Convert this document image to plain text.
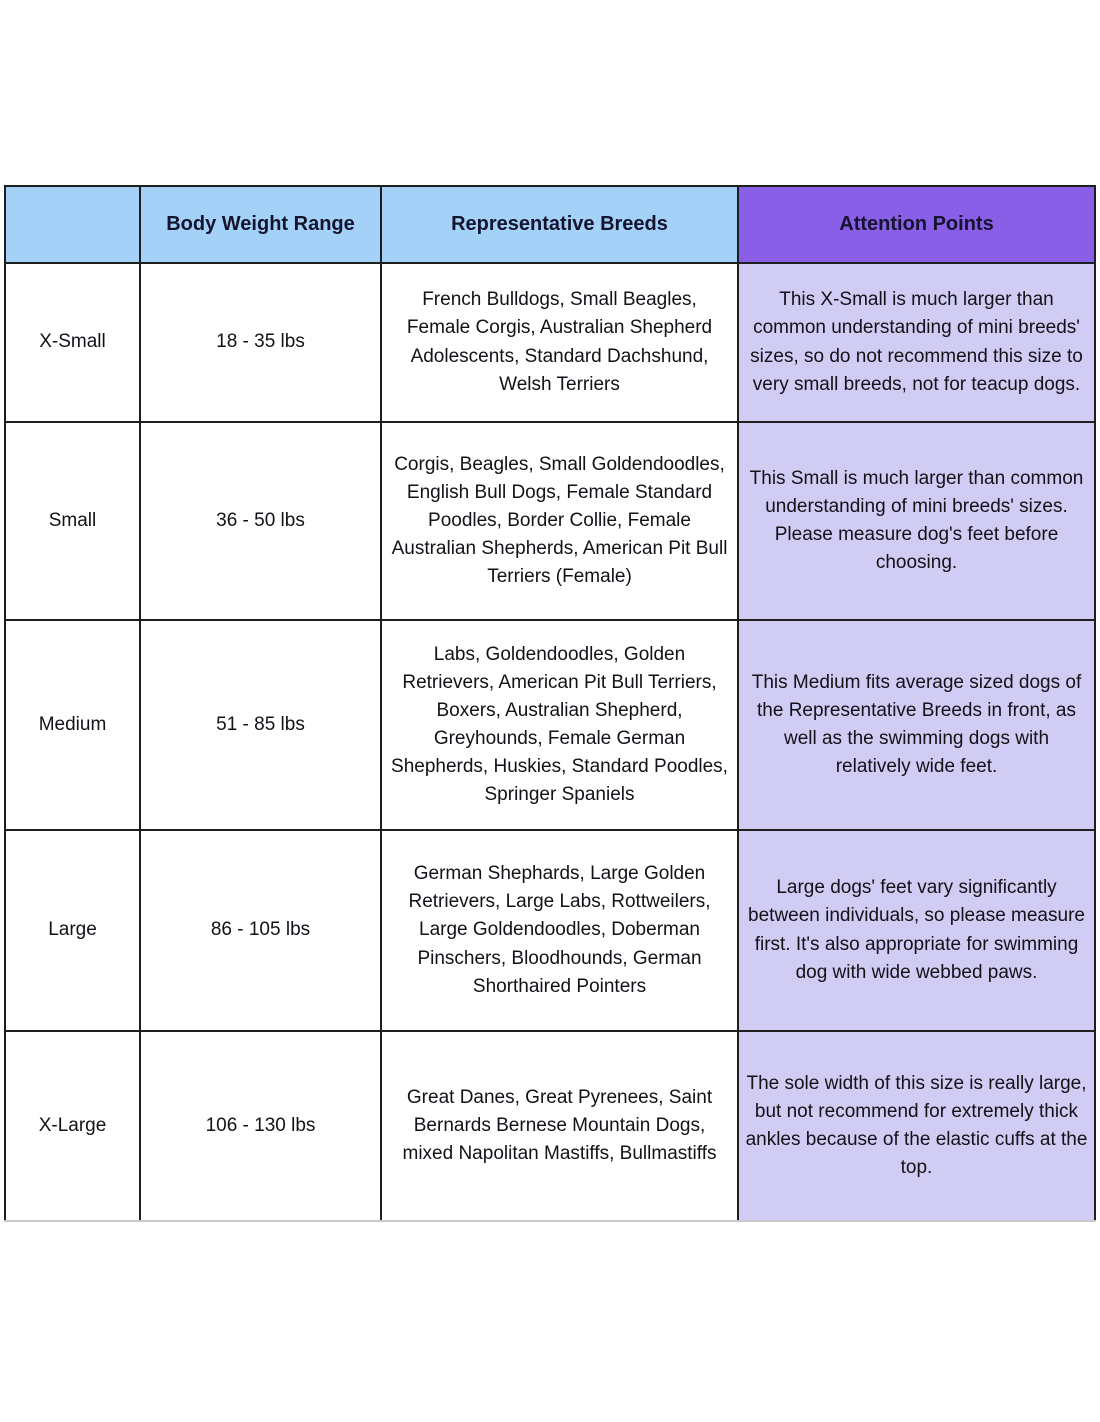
	Body Weight Range	Representative Breeds	Attention Points
X-Small	18 - 35 lbs	French Bulldogs, Small Beagles, Female Corgis, Australian Shepherd Adolescents, Standard Dachshund, Welsh Terriers	This X-Small is much larger than common understanding of mini breeds' sizes, so do not recommend this size to very small breeds, not for teacup dogs.
Small	36 - 50 lbs	Corgis, Beagles, Small Goldendoodles, English Bull Dogs, Female Standard Poodles, Border Collie, Female Australian Shepherds, American Pit Bull Terriers (Female)	This Small is much larger than common understanding of mini breeds' sizes. Please measure dog's feet before choosing.
Medium	51 - 85 lbs	Labs, Goldendoodles, Golden Retrievers, American Pit Bull Terriers, Boxers, Australian Shepherd, Greyhounds, Female German Shepherds, Huskies, Standard Poodles, Springer Spaniels	This Medium fits average sized dogs of the Representative Breeds in front, as well as the swimming dogs with relatively wide feet.
Large	86 - 105 lbs	German Shephards, Large Golden Retrievers, Large Labs, Rottweilers, Large Goldendoodles, Doberman Pinschers, Bloodhounds, German Shorthaired Pointers	Large dogs' feet vary significantly between individuals, so please measure first. It's also appropriate for swimming dog with wide webbed paws.
X-Large	106 - 130 lbs	Great Danes, Great Pyrenees, Saint Bernards Bernese Mountain Dogs, mixed Napolitan Mastiffs, Bullmastiffs	The sole width of this size is really large, but not recommend for extremely thick ankles because of the elastic cuffs at the top.
